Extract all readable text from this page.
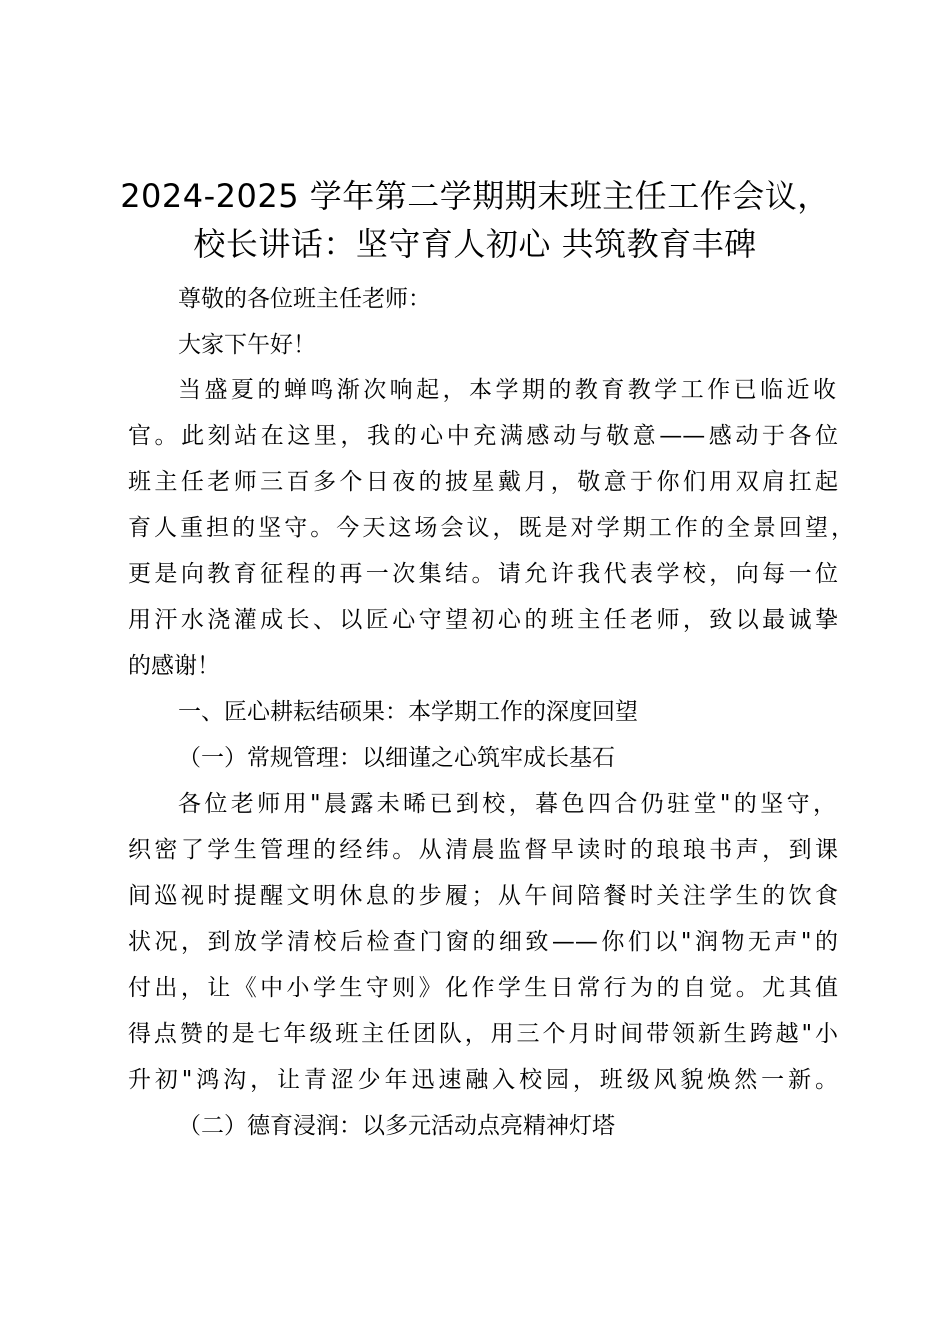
2024-2025 学年第二学期期末班主任工作会议，校长讲话：坚守育人初心 共筑教育丰碑
尊敬的各位班主任老师：
大家下午好！
当盛夏的蝉鸣渐次响起，本学期的教育教学工作已临近收
官。此刻站在这里，我的心中充满感动与敬意——感动于各位
班主任老师三百多个日夜的披星戴月，敬意于你们用双肩扛起
育人重担的坚守。今天这场会议，既是对学期工作的全景回望，
更是向教育征程的再一次集结。请允许我代表学校，向每一位
用汗水浇灌成长、以匠心守望初心的班主任老师，致以最诚挚
的感谢！
一、匠心耕耘结硕果：本学期工作的深度回望
（一）常规管理：以细谨之心筑牢成长基石
各位老师用"晨露未晞已到校，暮色四合仍驻堂"的坚守，
织密了学生管理的经纬。从清晨监督早读时的琅琅书声，到课
间巡视时提醒文明休息的步履；从午间陪餐时关注学生的饮食
状况，到放学清校后检查门窗的细致——你们以"润物无声"的
付出，让《中小学生守则》化作学生日常行为的自觉。尤其值
得点赞的是七年级班主任团队，用三个月时间带领新生跨越"小
升初"鸿沟，让青涩少年迅速融入校园，班级风貌焕然一新。
（二）德育浸润：以多元活动点亮精神灯塔
